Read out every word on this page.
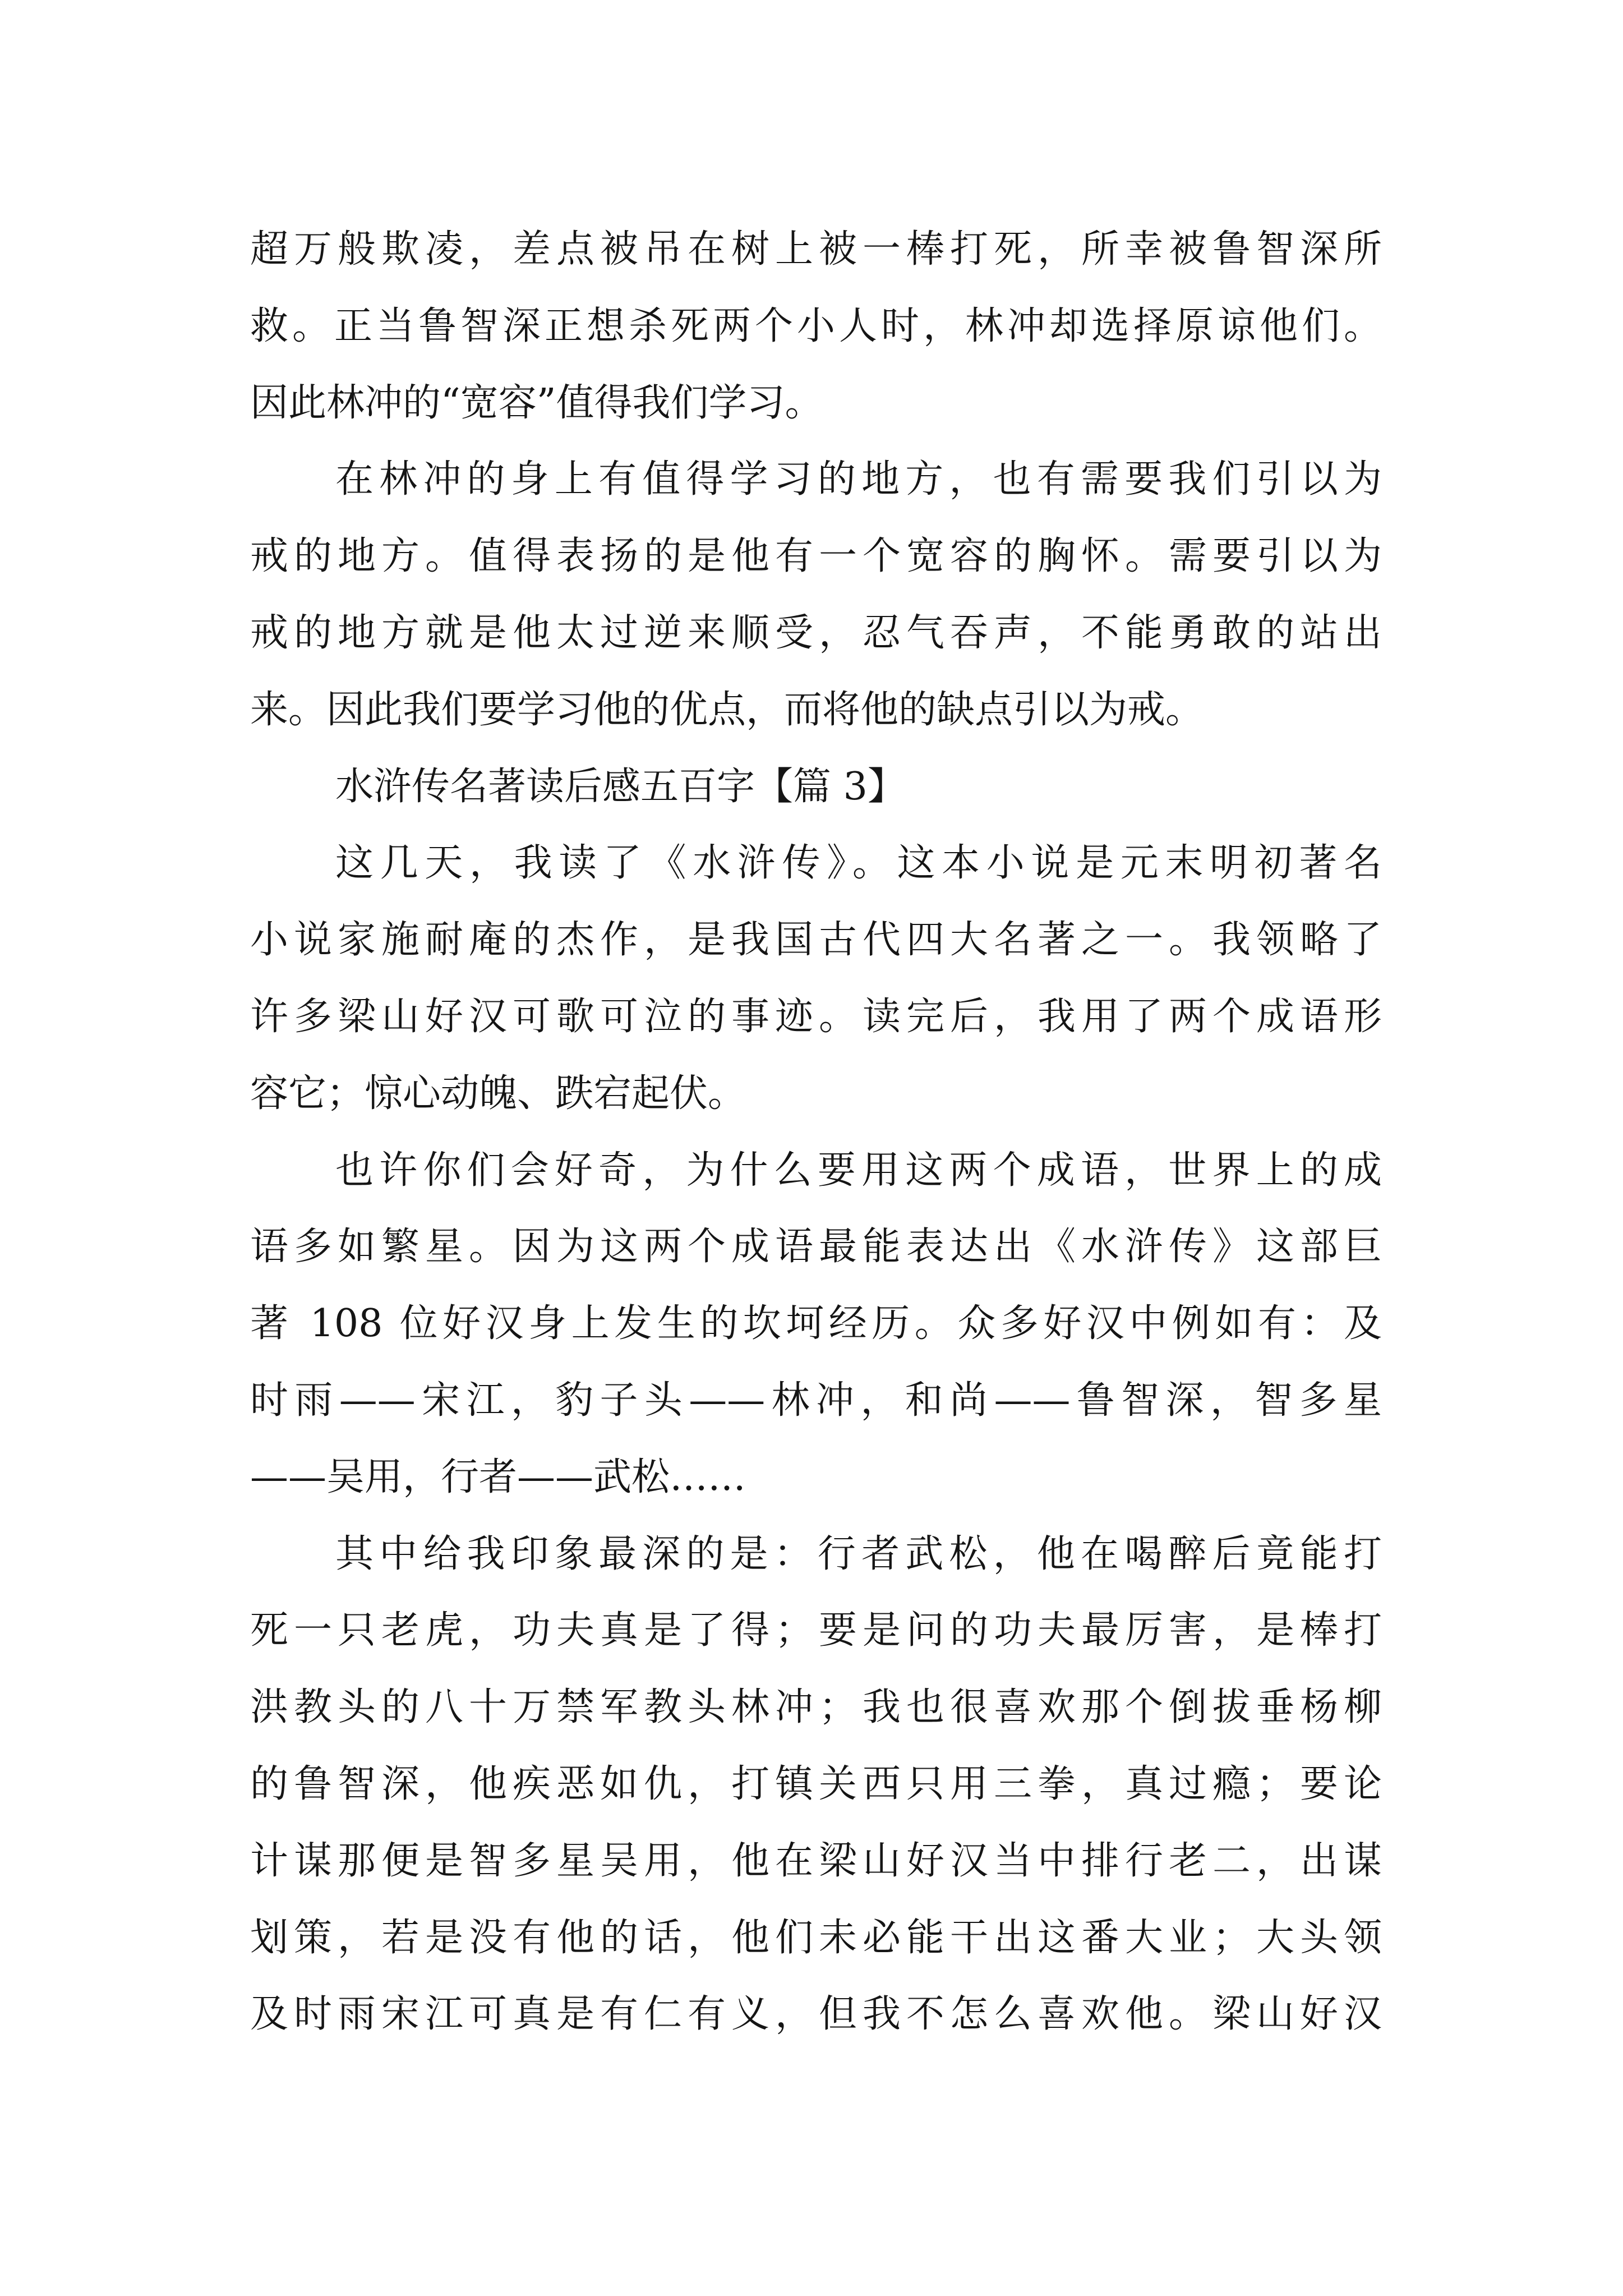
超万般欺凌，差点被吊在树上被一棒打死，所幸被鲁智深所
救。正当鲁智深正想杀死两个小人时，林冲却选择原谅他们。
因此林冲的“宽容”值得我们学习。
在林冲的身上有值得学习的地方，也有需要我们引以为
戒的地方。值得表扬的是他有一个宽容的胸怀。需要引以为
戒的地方就是他太过逆来顺受，忍气吞声，不能勇敢的站出
来。因此我们要学习他的优点，而将他的缺点引以为戒。
水浒传名著读后感五百字【篇 3】
这几天，我读了《水浒传》。这本小说是元末明初著名
小说家施耐庵的杰作，是我国古代四大名著之一。我领略了
许多梁山好汉可歌可泣的事迹。读完后，我用了两个成语形
容它；惊心动魄、跌宕起伏。
也许你们会好奇，为什么要用这两个成语，世界上的成
语多如繁星。因为这两个成语最能表达出《水浒传》这部巨
著 108 位好汉身上发生的坎坷经历。众多好汉中例如有：及
时雨——宋江，豹子头——林冲，和尚——鲁智深，智多星
——吴用，行者——武松……
其中给我印象最深的是：行者武松，他在喝醉后竟能打
死一只老虎，功夫真是了得；要是问的功夫最厉害，是棒打
洪教头的八十万禁军教头林冲；我也很喜欢那个倒拔垂杨柳
的鲁智深，他疾恶如仇，打镇关西只用三拳，真过瘾；要论
计谋那便是智多星吴用，他在梁山好汉当中排行老二，出谋
划策，若是没有他的话，他们未必能干出这番大业；大头领
及时雨宋江可真是有仁有义，但我不怎么喜欢他。梁山好汉
